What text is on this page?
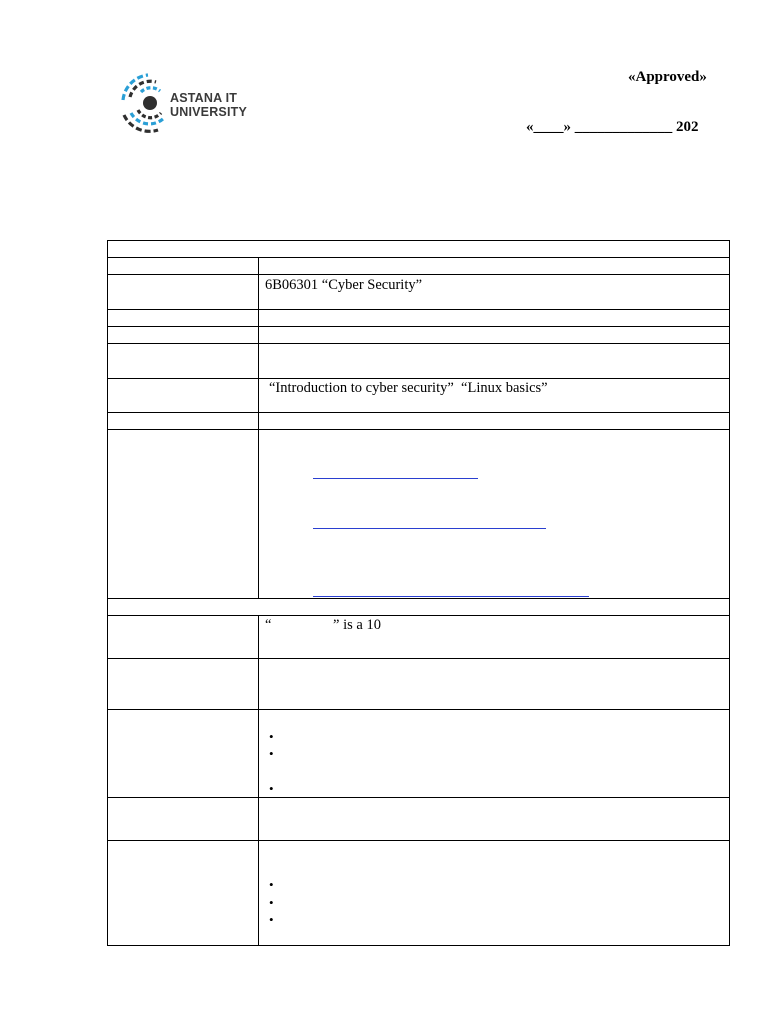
ASTANA IT
UNIVERSITY
«Approved»
«____» _____________ 202
6B06301 “Cyber Security”
“Introduction to cyber security”  “Linux basics”
“                 ” is a 10
•
•
•
•
•
•
